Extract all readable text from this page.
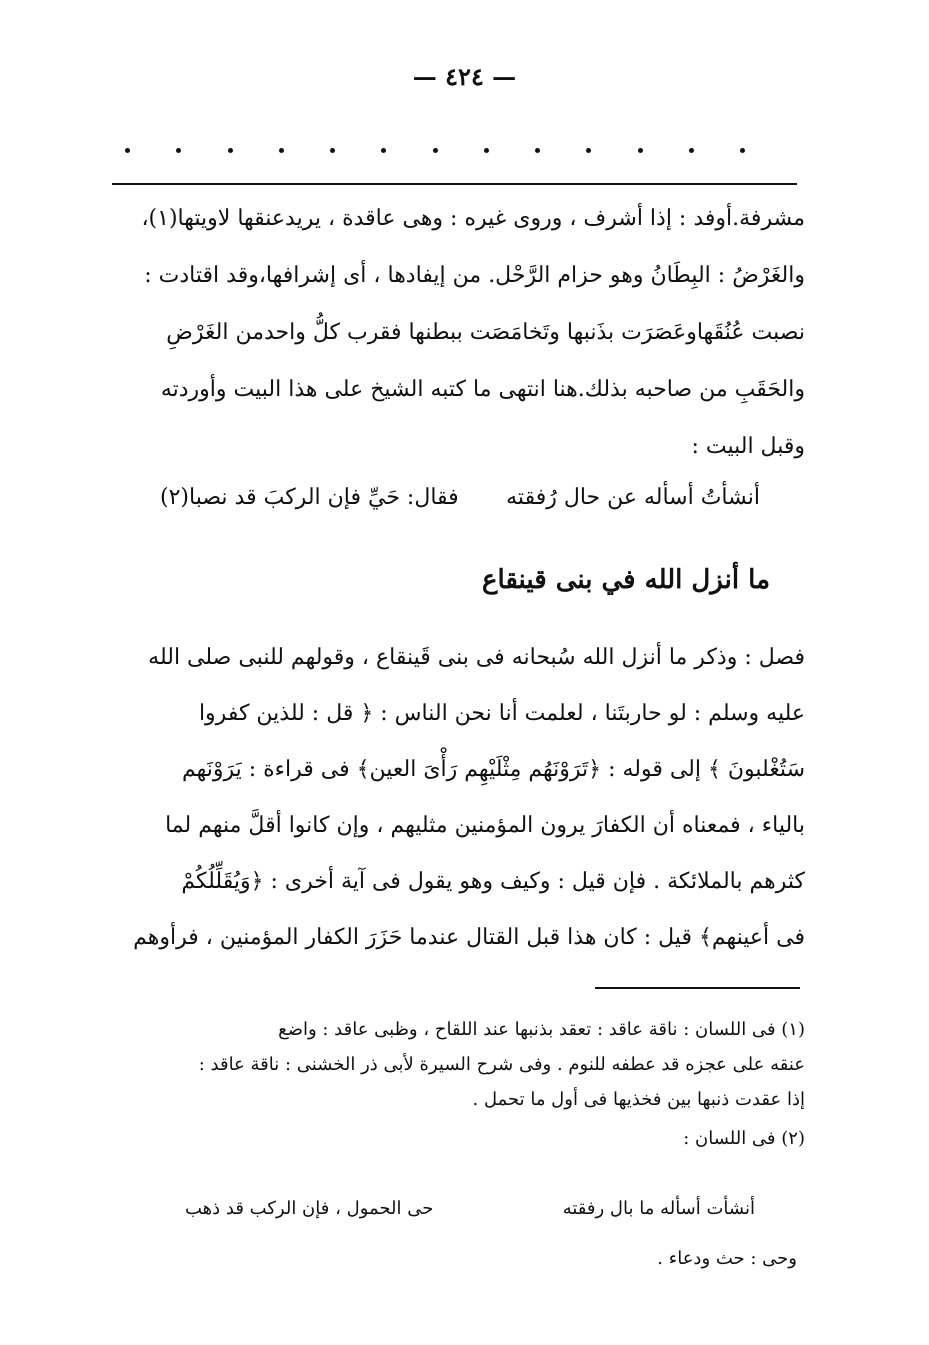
— ٤٢٤ —

مشرفة.أوفد : إذا أشرف ، وروى غيره : وهى عاقدة ، يريدعنقها لاويتها(١)،

والغَرْضُ : البِطَانُ وهو حزام الرَّحْل. من إيفادها ، أى إشرافها،وقد اقتادت :

نصبت عُنُقَهاوعَصَرَت بذَنبها وتَخامَصَت ببطنها فقرب كلُّ واحدمن الغَرْضِ

والحَقَبِ من صاحبه بذلك.هنا انتهى ما كتبه الشيخ على هذا البيت وأوردته

وقبل البيت :

أنشأتُ أسأله عن حال رُفقته
فقال: حَيِّ فإن الركبَ قد نصبا(٢)
ما أنزل الله في بنى قينقاع

فصل : وذكر ما أنزل الله سُبحانه فى بنى قَينقاع ، وقولهم للنبى صلى الله

عليه وسلم : لو حاربتَنا ، لعلمت أنا نحن الناس : ﴿ قل : للذين كفروا

سَتُغْلبونَ ﴾ إلى قوله : ﴿تَرَوْنَهُم مِثْلَيْهِم رَأْىَ العين﴾ فى قراءة : يَرَوْنَهم

بالياء ، فمعناه أن الكفارَ يرون المؤمنين مثليهم ، وإن كانوا أقلَّ منهم لما

كثرهم بالملائكة . فإن قيل : وكيف وهو يقول فى آية أخرى : ﴿وَيُقَلِّلُكُمْ

فى أعينهم﴾ قيل : كان هذا قبل القتال عندما حَزَرَ الكفار المؤمنين ، فرأوهم

(١) فى اللسان : ناقة عاقد : تعقد بذنبها عند اللقاح ، وظبى عاقد : واضع

عنقه على عجزه قد عطفه للنوم . وفى شرح السيرة لأبى ذر الخشنى : ناقة عاقد :

إذا عقدت ذنبها بين فخذيها فى أول ما تحمل .

(٢) فى اللسان :

أنشأت أسأله ما بال رفقته
حى الحمول ، فإن الركب قد ذهب
وحى : حث ودعاء .
